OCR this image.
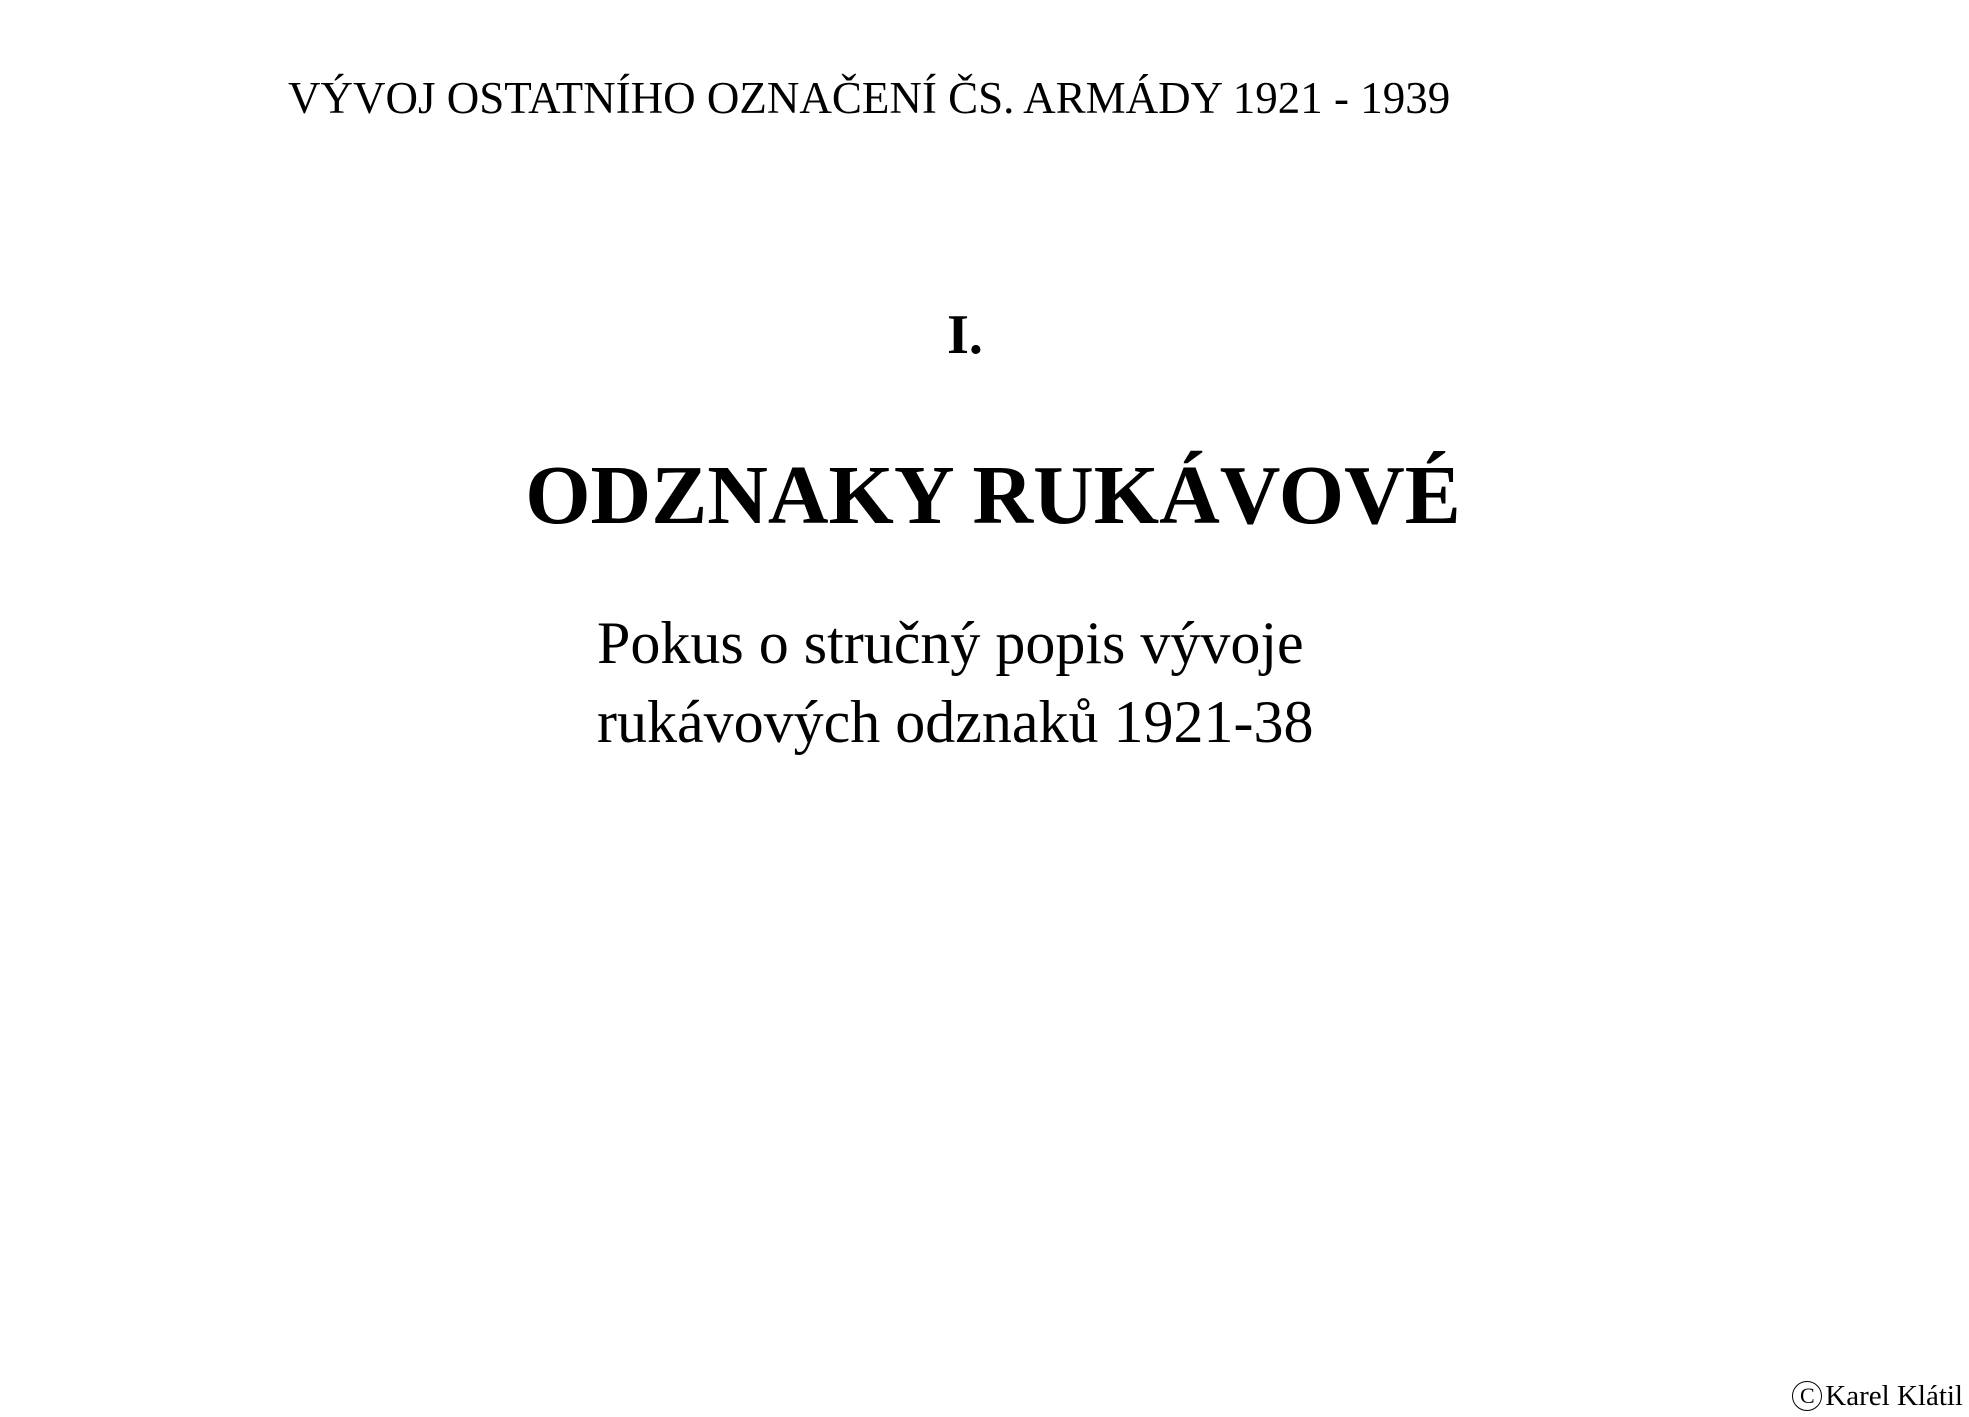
VÝVOJ OSTATNÍHO OZNAČENÍ ČS. ARMÁDY 1921 - 1939
I.
ODZNAKY RUKÁVOVÉ
Pokus o stručný popis vývoje
rukávových odznaků 1921-38
C Karel Klátil
